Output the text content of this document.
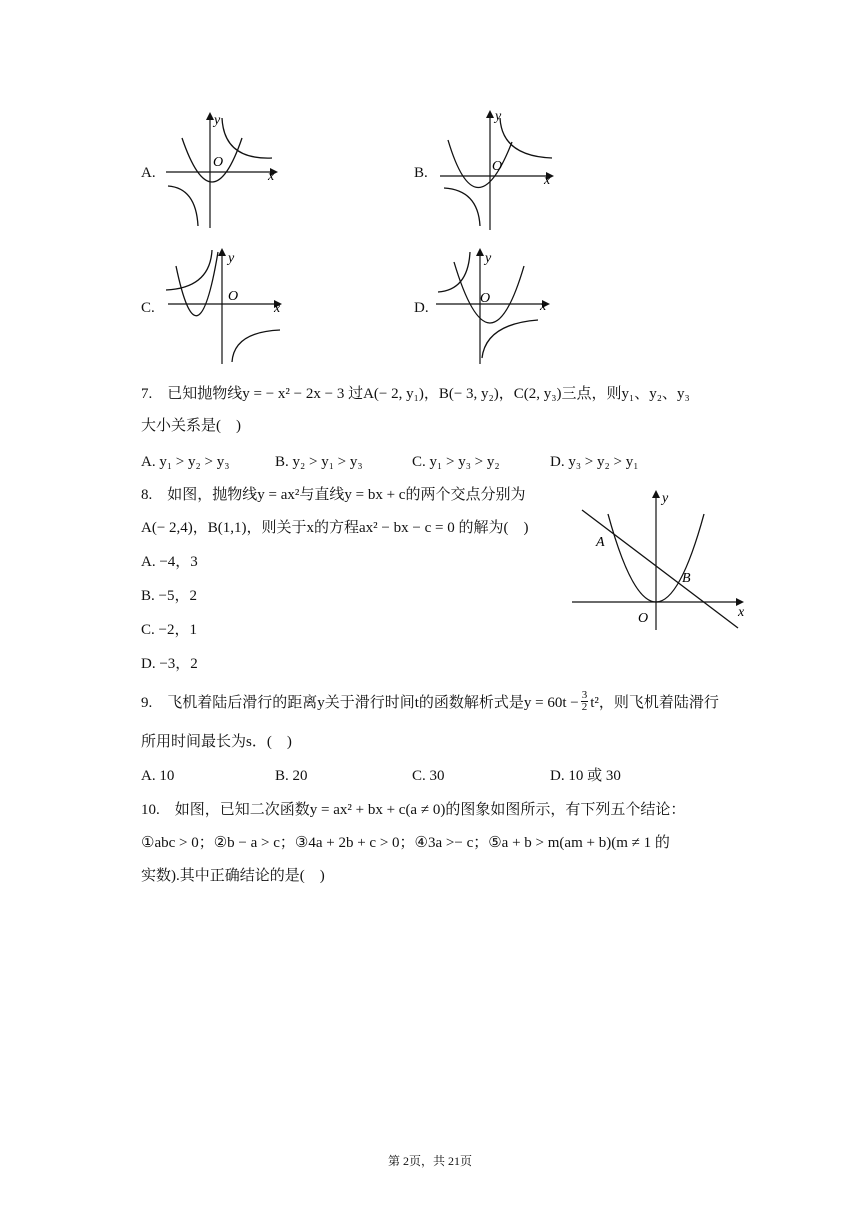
A.
O
x
y
B.	O
x
y
C.
O
x
y
D.
O
x
y
7.　已知抛物线y = − x² − 2x − 3 过A(− 2, y₁)，B(− 3, y₂)，C(2, y₃)三点，则y₁、y₂、y₃
大小关系是(　)
A. y₁ > y₂ > y₃	B. y₂ > y₁ > y₃	C. y₁ > y₃ > y₂	D. y₃ > y₂ > y₁
8.　如图，抛物线y = ax²与直线y = bx + c的两个交点分别为
A(− 2,4)，B(1,1)，则关于x的方程ax² − bx − c = 0 的解为(　)
A. −4，3
B. −5，2
C. −2，1
D. −3，2
y
x
O
A
B
9.　飞机着陆后滑行的距离y关于滑行时间t的函数解析式是$y = 60t - \frac{3}{2} t^2$，则飞机着陆滑行
所用时间最长为s．(　)
A. 10	B. 20	C. 30	D. 10 或 30
10.　如图，已知二次函数y = ax² + bx + c(a ≠ 0)的图象如图所示，有下列五个结论：
①abc > 0；②b − a > c；③4a + 2b + c > 0；④3a >− c；⑤a + b > m(am + b)(m ≠ 1 的
实数).其中正确结论的是(　)
第 2页，共 21页
